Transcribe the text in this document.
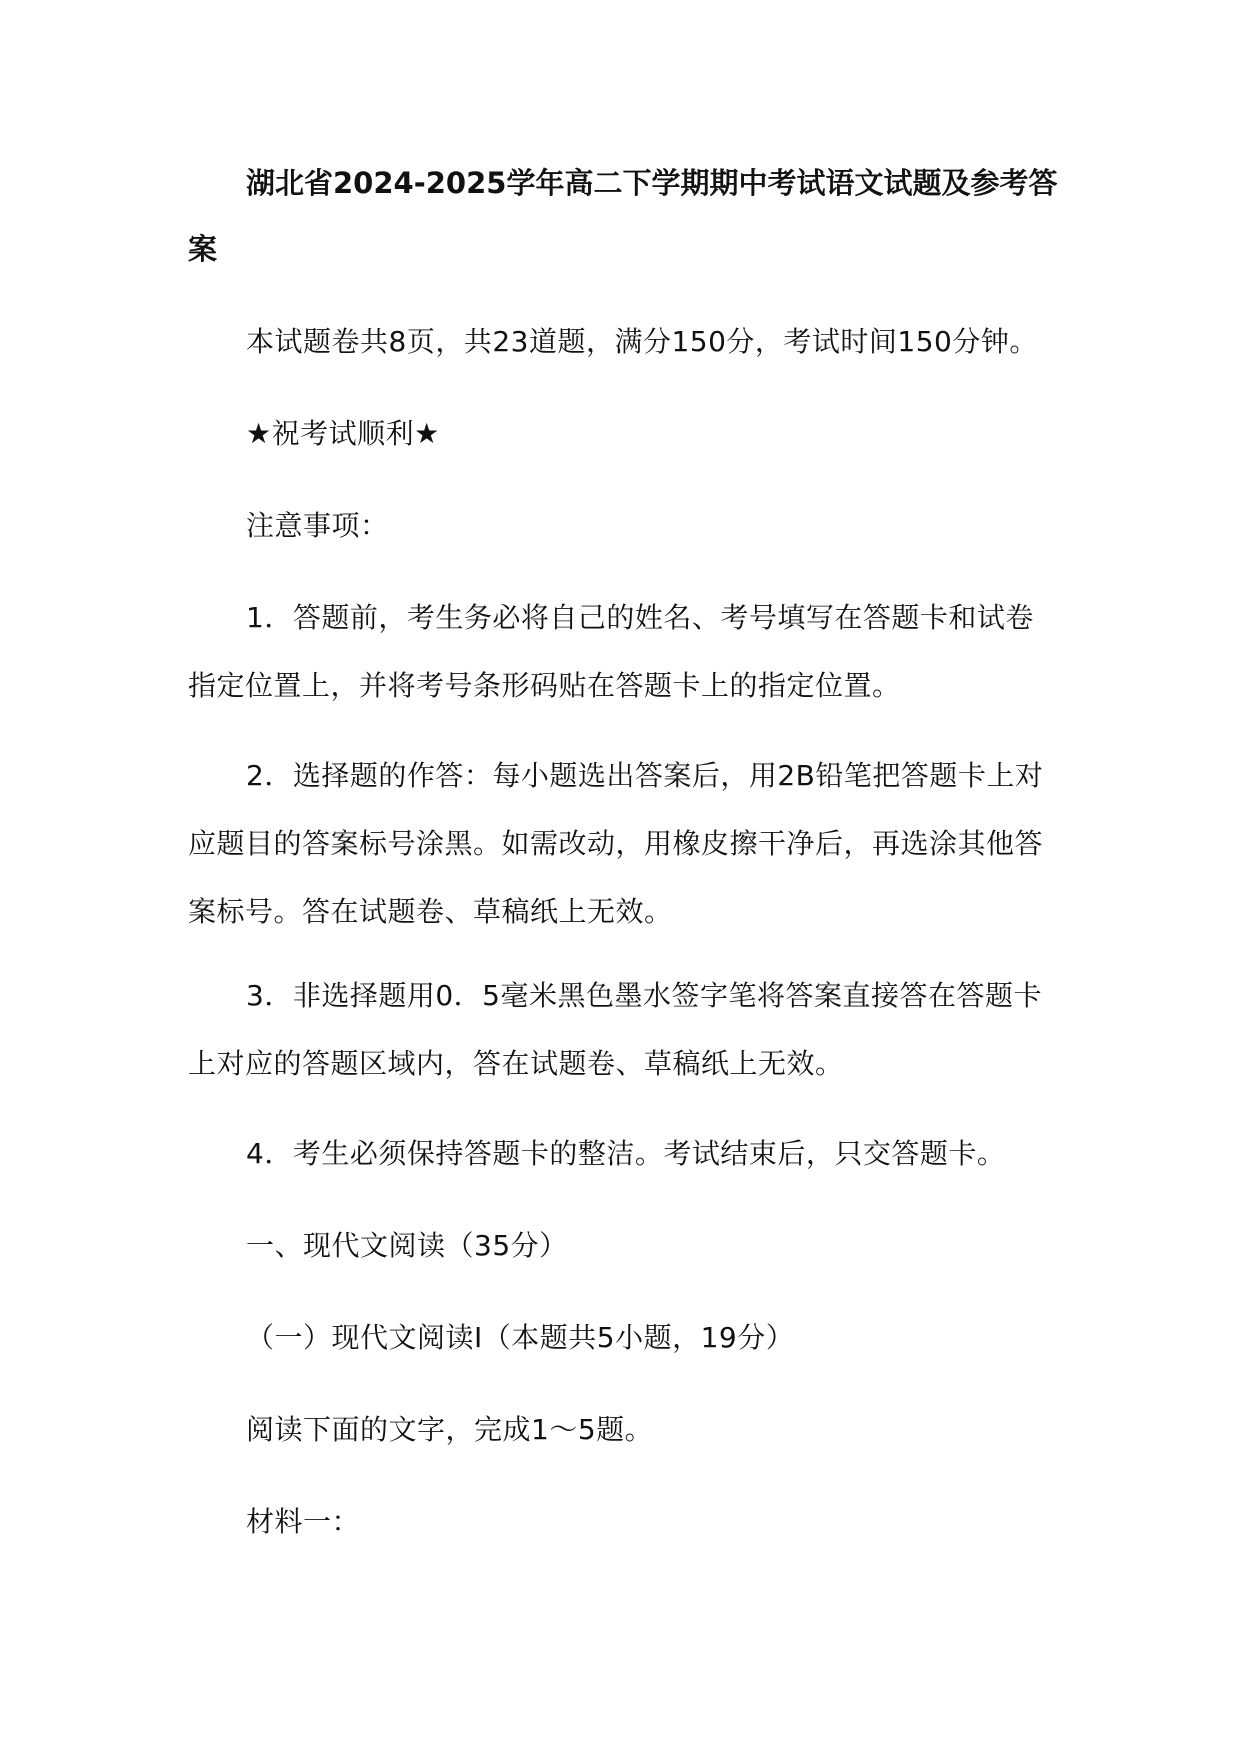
湖北省2024-2025学年高二下学期期中考试语文试题及参考答案

本试题卷共8页，共23道题，满分150分，考试时间150分钟。

★祝考试顺利★

注意事项：

1．答题前，考生务必将自己的姓名、考号填写在答题卡和试卷指定位置上，并将考号条形码贴在答题卡上的指定位置。

2．选择题的作答：每小题选出答案后，用2B铅笔把答题卡上对应题目的答案标号涂黑。如需改动，用橡皮擦干净后，再选涂其他答案标号。答在试题卷、草稿纸上无效。

3．非选择题用0．5毫米黑色墨水签字笔将答案直接答在答题卡上对应的答题区域内，答在试题卷、草稿纸上无效。

4．考生必须保持答题卡的整洁。考试结束后，只交答题卡。

一、现代文阅读（35分）

（一）现代文阅读Ⅰ（本题共5小题，19分）

阅读下面的文字，完成1～5题。

材料一：
